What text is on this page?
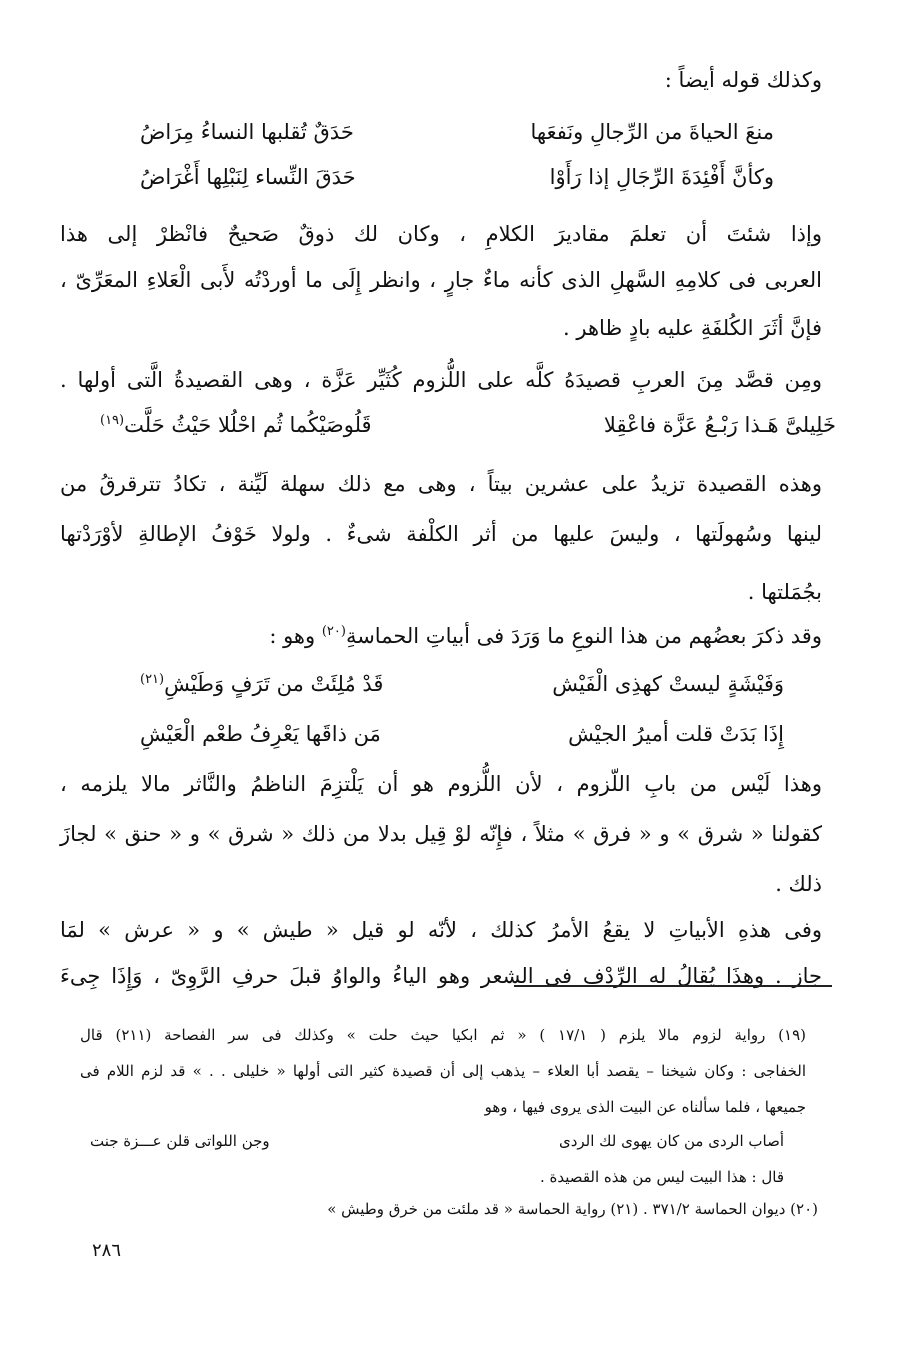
وكذلك قوله أيضاً :
منعَ الحياةَ من الرِّجالِ ونَفعَها
حَدَقٌ تُقلبها النساءُ مِرَاضُ
وكأنَّ أَفْئِدَةَ الرِّجَالِ إذا رَأَوْا
حَدَقَ النِّساء لِنَبْلِها أَغْرَاضُ
وإذا شئتَ أن تعلمَ مقاديرَ الكلامِ ، وكان لك ذوقٌ صَحيحٌ فانْظرْ إلى هذا
العربى فى كلامِهِ السَّهلِ الذى كأنه ماءٌ جارٍ ، وانظر إِلَى ما أوردْتُه لأَبى الْعَلاءِ المعَرِّىّ ،
فإنَّ أثَرَ الكُلفَةِ عليه بادٍ ظاهر .
ومِن قصَّد مِنَ العربِ قصيدَهُ كلَّه على اللُّزوم كُثَيِّر عَزَّة ، وهى القصيدةُ الَّتى أولها .
خَلِيلىَّ هَـذا رَبْـعُ عَزَّة فاعْقِلا
قَلُوصَيْكُما ثُم احْلُلا حَيْثُ حَلَّت$^{(١٩)}$
وهذه القصيدة تزيدُ على عشرين بيتاً ، وهى مع ذلك سهلة لَيِّنة ، تكادُ تترقرقُ من
لينها وسُهولَتها ، وليسَ عليها من أثر الكلْفة شىءٌ . ولولا خَوْفُ الإطالةِ لأوْرَدْتها
بجُمَلتها .
وقد ذكرَ بعضُهم من هذا النوعِ ما وَرَدَ فى أبياتِ الحماسةِ$^{(٢٠)}$ وهو :
وَفَيْشَةٍ ليستْ كهذِى الْفَيْش
قَدْ مُلِئَتْ من تَرَفٍ وَطَيْشِ$^{(٢١)}$
إِذَا بَدَتْ قلت أميرُ الجيْش
مَن ذاقَها يَعْرِفُ طعْم الْعَيْشِ
وهذا لَيْس من بابِ اللّزوم ، لأن اللُّزوم هو أن يَلْتزِمَ الناظمُ والنَّاثر مالا يلزمه ،
كقولنا « شرق » و « فرق » مثلاً ، فإِنّه لوْ قِيل بدلا من ذلك « شرق » و « حنق » لجازَ
ذلك .
وفى هذهِ الأبياتِ لا يقعُ الأمرُ كذلك ، لأنّه لو قيل « طيش » و « عرش » لمَا
جاز . وهذَا يُقالُ له الرِّدْف فى الشعر وهو الياءُ والواوُ قبلَ حرفِ الرَّوِىّ ، وَإِذَا جِىءَ
(١٩) رواية لزوم مالا يلزم ( ١٧/١ ) « ثم ابكيا حيث حلت » وكذلك فى سر الفصاحة (٢١١) قال
الخفاجى : وكان شيخنا – يقصد أبا العلاء – يذهب إلى أن قصيدة كثير التى أولها « خليلى . . » قد لزم اللام فى
جميعها ، فلما سألناه عن البيت الذى يروى فيها ، وهو
أصاب الردى من كان يهوى لك الردى
وجن اللواتى قلن عـــزة جنت
قال : هذا البيت ليس من هذه القصيدة .
(٢٠) ديوان الحماسة ٣٧١/٢ . (٢١) رواية الحماسة « قد ملئت من خرق وطيش »
٢٨٦
